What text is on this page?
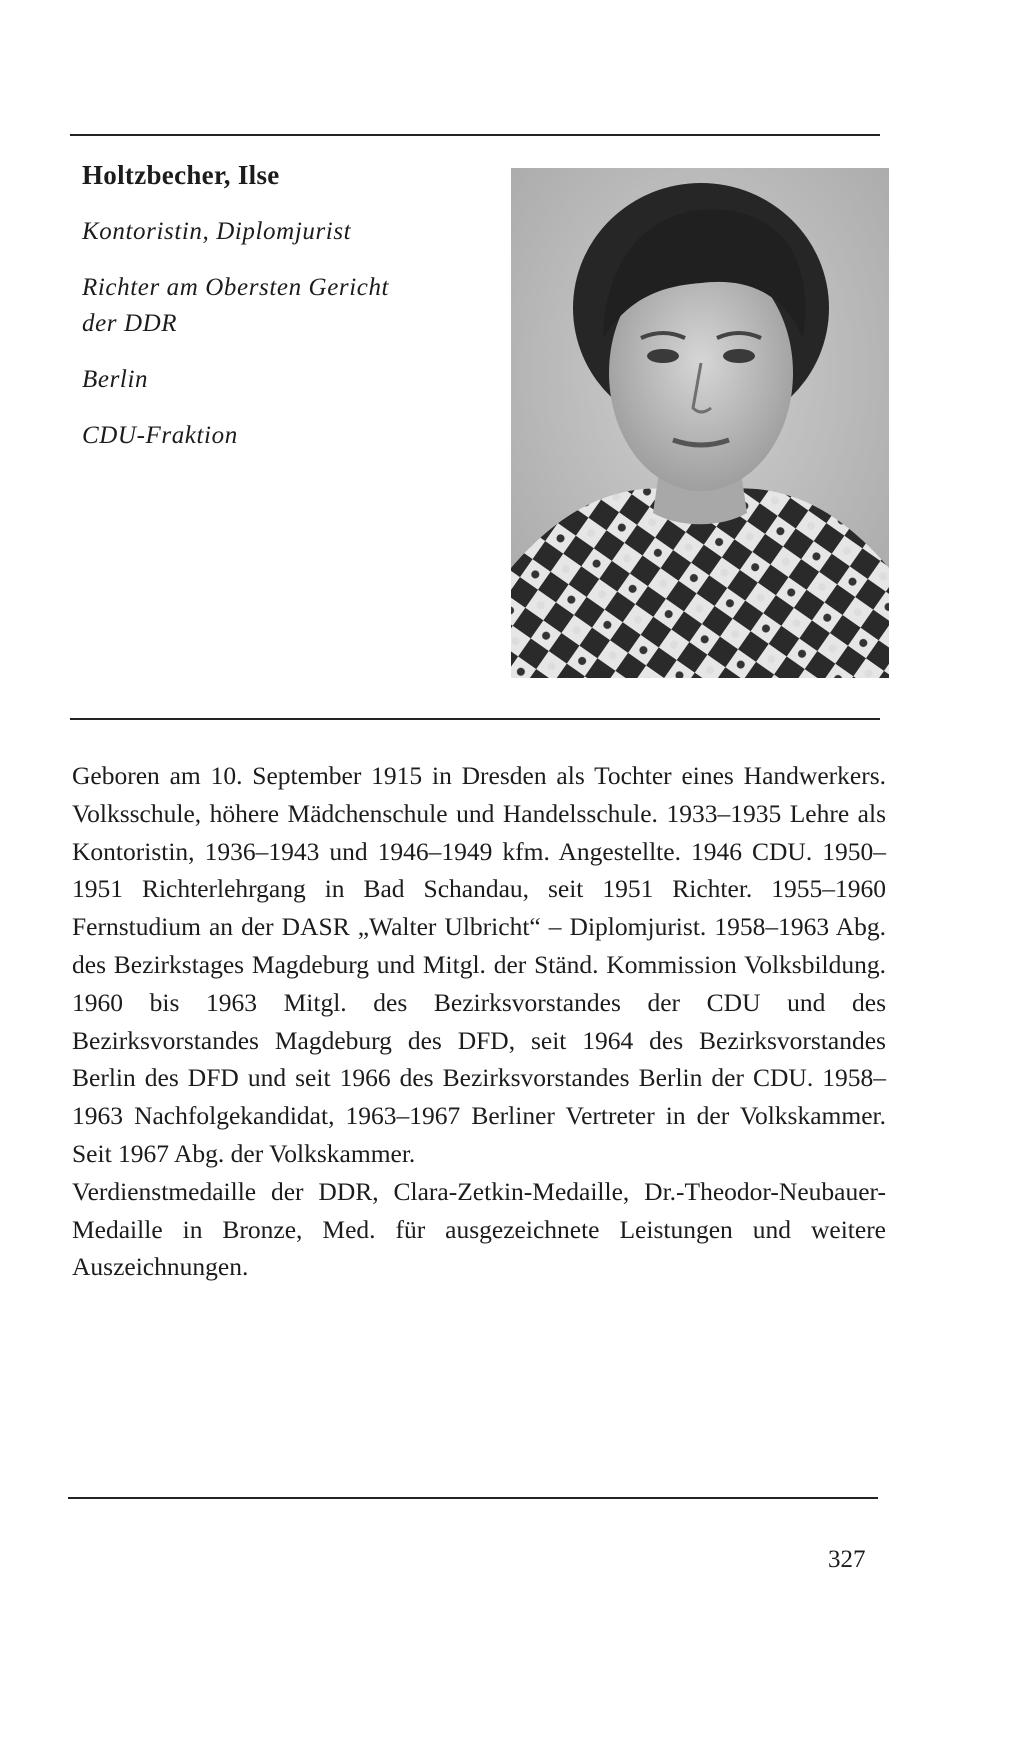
Holtzbecher, Ilse
Kontoristin, Diplomjurist
Richter am Obersten Gericht
der DDR
Berlin
CDU-Fraktion

Geboren am 10. September 1915 in Dresden als Tochter eines Handwerkers. Volksschule, höhere Mädchenschule und Handelsschule. 1933–1935 Lehre als Kontoristin, 1936–1943 und 1946–1949 kfm. Angestellte. 1946 CDU. 1950–1951 Richterlehrgang in Bad Schandau, seit 1951 Richter. 1955–1960 Fernstudium an der DASR „Walter Ulbricht“ – Diplomjurist. 1958–1963 Abg. des Bezirkstages Magdeburg und Mitgl. der Ständ. Kommission Volksbildung. 1960 bis 1963 Mitgl. des Bezirksvorstandes der CDU und des Bezirksvorstandes Magdeburg des DFD, seit 1964 des Bezirksvorstandes Berlin des DFD und seit 1966 des Bezirksvorstandes Berlin der CDU. 1958–1963 Nachfolgekandidat, 1963–1967 Berliner Vertreter in der Volkskammer. Seit 1967 Abg. der Volkskammer.

Verdienstmedaille der DDR, Clara-Zetkin-Medaille, Dr.-Theodor-Neubauer-Medaille in Bronze, Med. für ausgezeichnete Leistungen und weitere Auszeichnungen.

327
